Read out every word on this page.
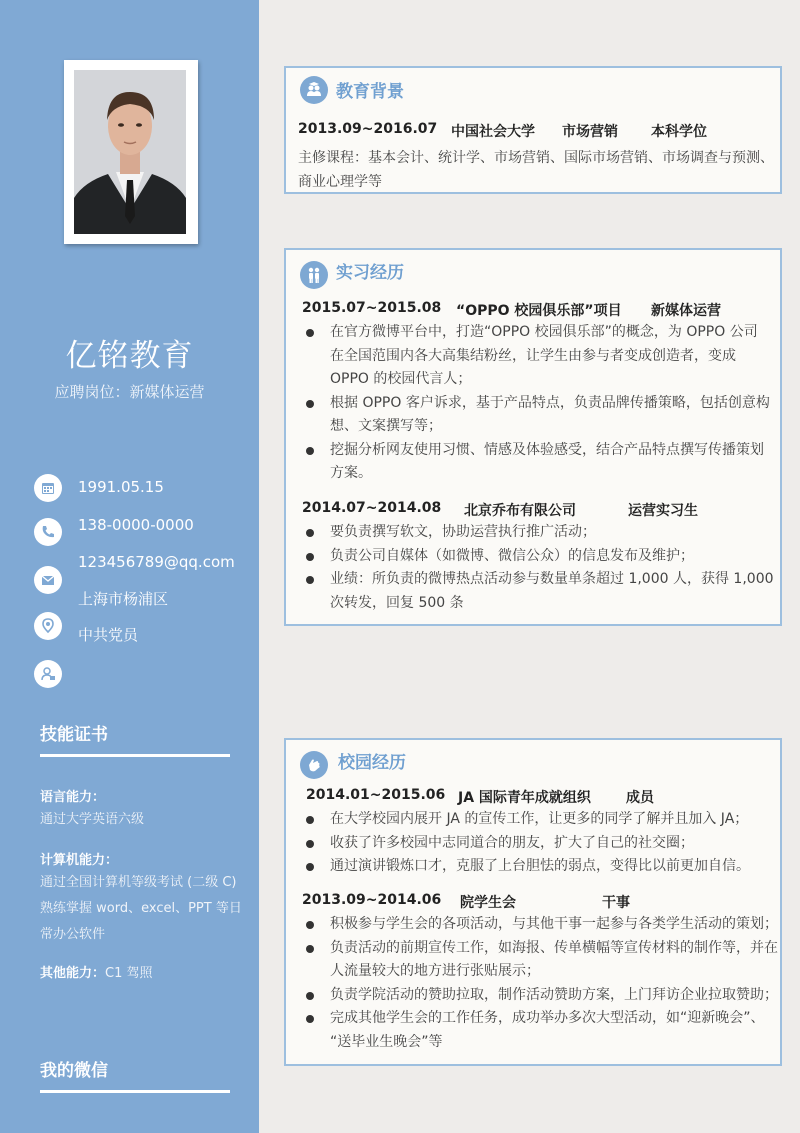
亿铭教育
应聘岗位：新媒体运营
1991.05.15
138-0000-0000
123456789@qq.com
上海市杨浦区
中共党员
技能证书
语言能力：
通过大学英语六级
计算机能力：
通过全国计算机等级考试 (二级 C)
熟练掌握 word、excel、PPT 等日
常办公软件
其他能力：C1 驾照
我的微信
教育背景
2013.09~2016.07 中国社会大学 市场营销 本科学位
主修课程：基本会计、统计学、市场营销、国际市场营销、市场调查与预测、
商业心理学等
实习经历
2015.07~2015.08 “OPPO 校园俱乐部”项目 新媒体运营
在官方微博平台中，打造“OPPO 校园俱乐部”的概念，为 OPPO 公司
在全国范围内各大高集结粉丝，让学生由参与者变成创造者，变成
OPPO 的校园代言人；
根据 OPPO 客户诉求，基于产品特点，负责品牌传播策略，包括创意构
想、文案撰写等；
挖掘分析网友使用习惯、情感及体验感受，结合产品特点撰写传播策划
方案。
2014.07~2014.08 北京乔布有限公司	运营实习生
要负责撰写软文，协助运营执行推广活动；
负责公司自媒体（如微博、微信公众）的信息发布及维护；
业绩：所负责的微博热点活动参与数量单条超过 1,000 人，获得 1,000
次转发，回复 500 条
校园经历
2014.01~2015.06 JA 国际青年成就组织	成员
在大学校园内展开 JA 的宣传工作，让更多的同学了解并且加入 JA；
收获了许多校园中志同道合的朋友，扩大了自己的社交圈；
通过演讲锻炼口才，克服了上台胆怯的弱点，变得比以前更加自信。
2013.09~2014.06 院学生会	干事
积极参与学生会的各项活动，与其他干事一起参与各类学生活动的策划；
负责活动的前期宣传工作，如海报、传单横幅等宣传材料的制作等，并在
人流量较大的地方进行张贴展示；
负责学院活动的赞助拉取，制作活动赞助方案，上门拜访企业拉取赞助；
完成其他学生会的工作任务，成功举办多次大型活动，如“迎新晚会”、
“送毕业生晚会”等
